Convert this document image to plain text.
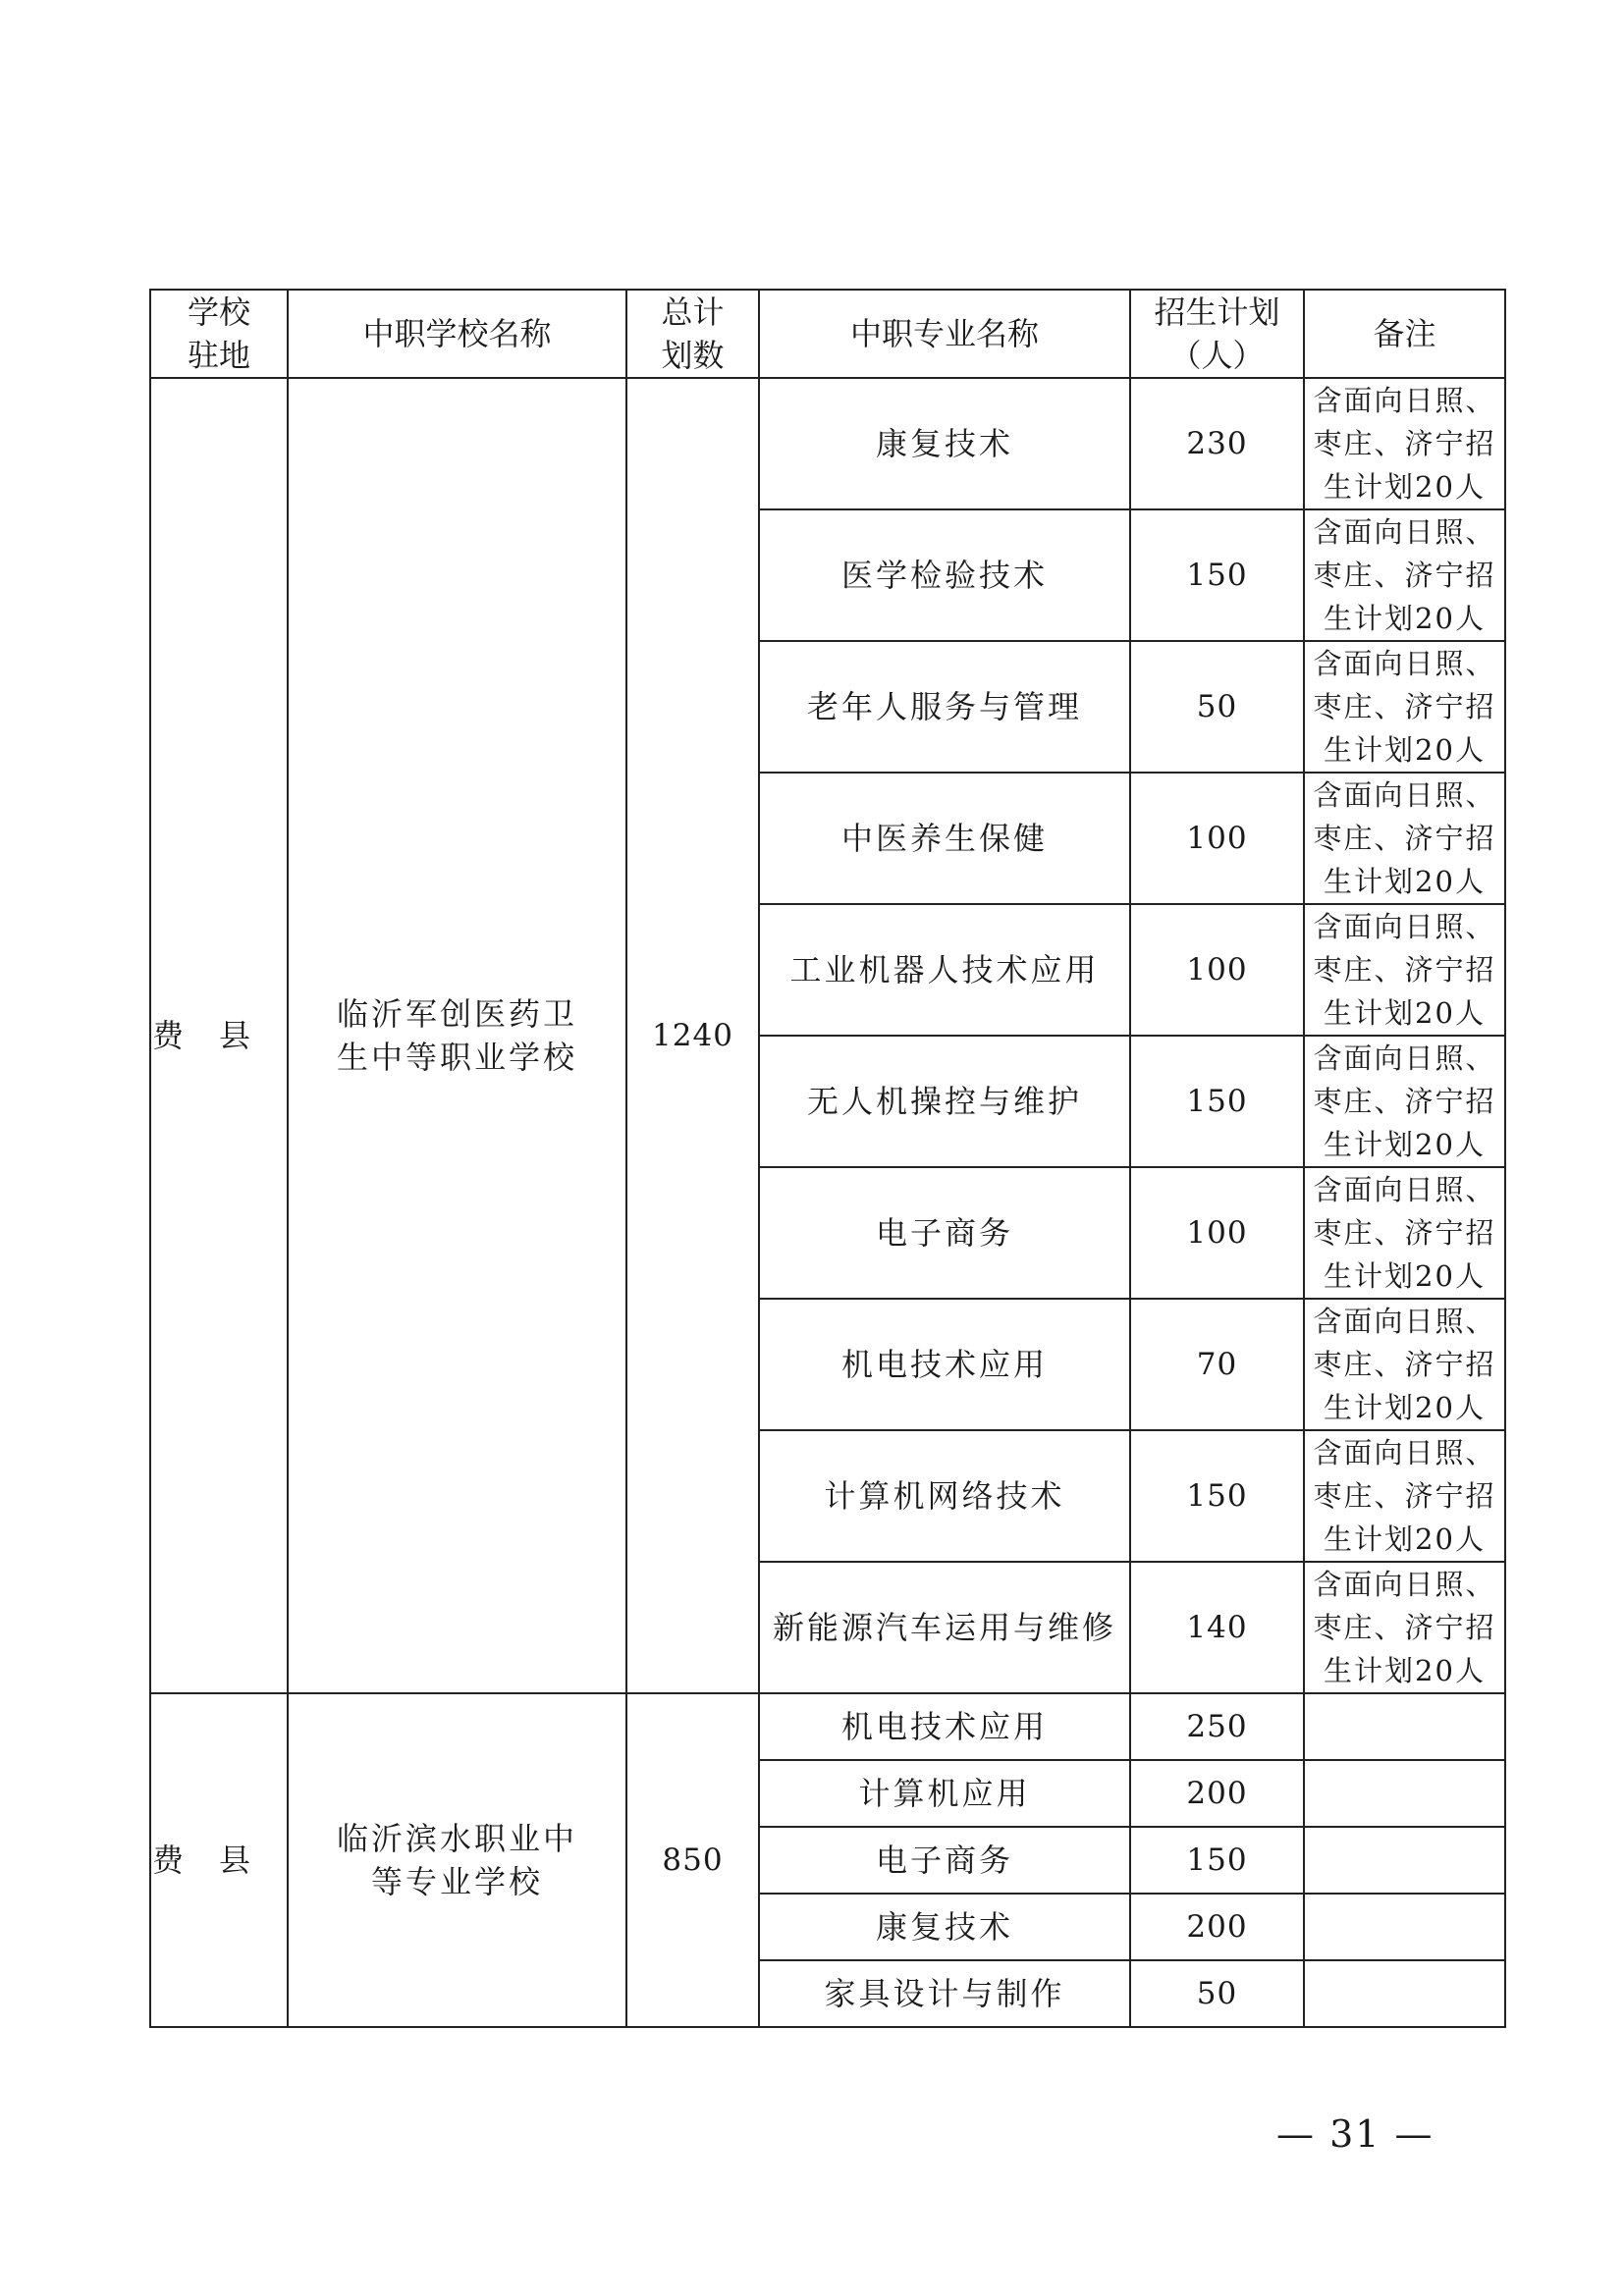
学校驻地	中职学校名称	总计划数	中职专业名称	招生计划（人）	备注
费县	临沂军创医药卫生中等职业学校	1240	康复技术	230	含面向日照、枣庄、济宁招生计划20人
			医学检验技术	150	含面向日照、枣庄、济宁招生计划20人
			老年人服务与管理	50	含面向日照、枣庄、济宁招生计划20人
			中医养生保健	100	含面向日照、枣庄、济宁招生计划20人
			工业机器人技术应用	100	含面向日照、枣庄、济宁招生计划20人
			无人机操控与维护	150	含面向日照、枣庄、济宁招生计划20人
			电子商务	100	含面向日照、枣庄、济宁招生计划20人
			机电技术应用	70	含面向日照、枣庄、济宁招生计划20人
			计算机网络技术	150	含面向日照、枣庄、济宁招生计划20人
			新能源汽车运用与维修	140	含面向日照、枣庄、济宁招生计划20人
费县	临沂滨水职业中等专业学校	850	机电技术应用	250	
			计算机应用	200	
			电子商务	150	
			康复技术	200	
			家具设计与制作	50	
— 31 —
